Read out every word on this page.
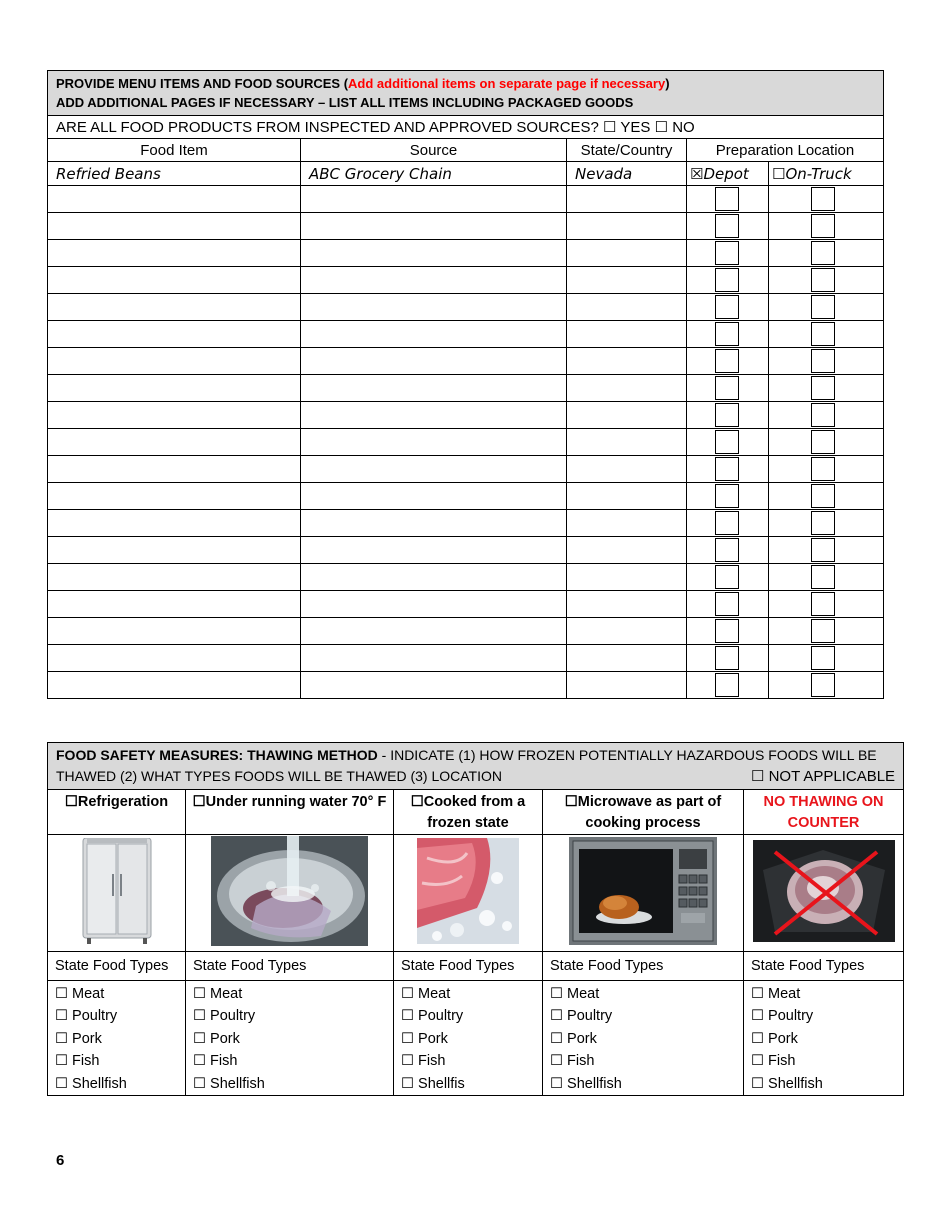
PROVIDE MENU ITEMS AND FOOD SOURCES (Add additional items on separate page if necessary)
ADD ADDITIONAL PAGES IF NECESSARY – LIST ALL ITEMS INCLUDING PACKAGED GOODS				
ARE ALL FOOD PRODUCTS FROM INSPECTED AND APPROVED SOURCES? ☐ YES ☐ NO				
Food Item	Source	State/Country	Preparation Location	
Refried Beans	ABC Grocery Chain	Nevada	☒Depot	☐On-Truck

FOOD SAFETY MEASURES: THAWING METHOD - INDICATE (1) HOW FROZEN POTENTIALLY HAZARDOUS FOODS WILL BE THAWED (2) WHAT TYPES FOODS WILL BE THAWED (3) LOCATION ☐ NOT APPLICABLE				

☐Refrigeration	☐Under running water 70° F	☐Cooked from a frozen state	☐Microwave as part of cooking process	NO THAWING ON COUNTER

State Food Types	State Food Types	State Food Types	State Food Types	State Food Types

☐ Meat
☐ Poultry
☐ Pork
☐ Fish
☐ Shellfish	☐ Meat
☐ Poultry
☐ Pork
☐ Fish
☐ Shellfish	☐ Meat
☐ Poultry
☐ Pork
☐ Fish
☐ Shellfis	☐ Meat
☐ Poultry
☐ Pork
☐ Fish
☐ Shellfish	☐ Meat
☐ Poultry
☐ Pork
☐ Fish
☐ Shellfish
6
